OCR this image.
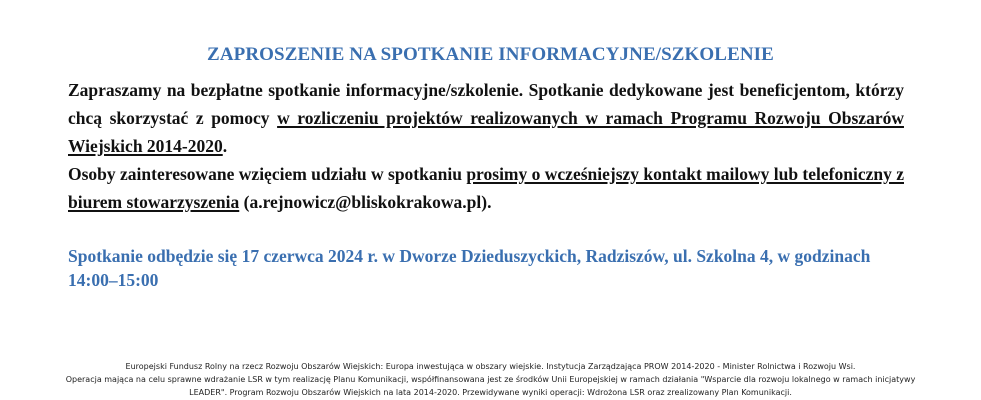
ZAPROSZENIE NA SPOTKANIE INFORMACYJNE/SZKOLENIE

Zapraszamy na bezpłatne spotkanie informacyjne/szkolenie. Spotkanie dedykowane jest beneficjentom, którzy chcą skorzystać z pomocy w rozliczeniu projektów realizowanych w ramach Programu Rozwoju Obszarów Wiejskich 2014-2020.

Osoby zainteresowane wzięciem udziału w spotkaniu prosimy o wcześniejszy kontakt mailowy lub telefoniczny z biurem stowarzyszenia (a.rejnowicz@bliskokrakowa.pl).

Spotkanie odbędzie się 17 czerwca 2024 r. w Dworze Dzieduszyckich, Radziszów, ul. Szkolna 4, w godzinach 14:00–15:00
Europejski Fundusz Rolny na rzecz Rozwoju Obszarów Wiejskich: Europa inwestująca w obszary wiejskie. Instytucja Zarządzająca PROW 2014-2020 - Minister Rolnictwa i Rozwoju Wsi.
Operacja mająca na celu sprawne wdrażanie LSR w tym realizację Planu Komunikacji, współfinansowana jest ze środków Unii Europejskiej w ramach działania "Wsparcie dla rozwoju lokalnego w ramach inicjatywy
LEADER". Program Rozwoju Obszarów Wiejskich na lata 2014-2020. Przewidywane wyniki operacji: Wdrożona LSR oraz zrealizowany Plan Komunikacji.
